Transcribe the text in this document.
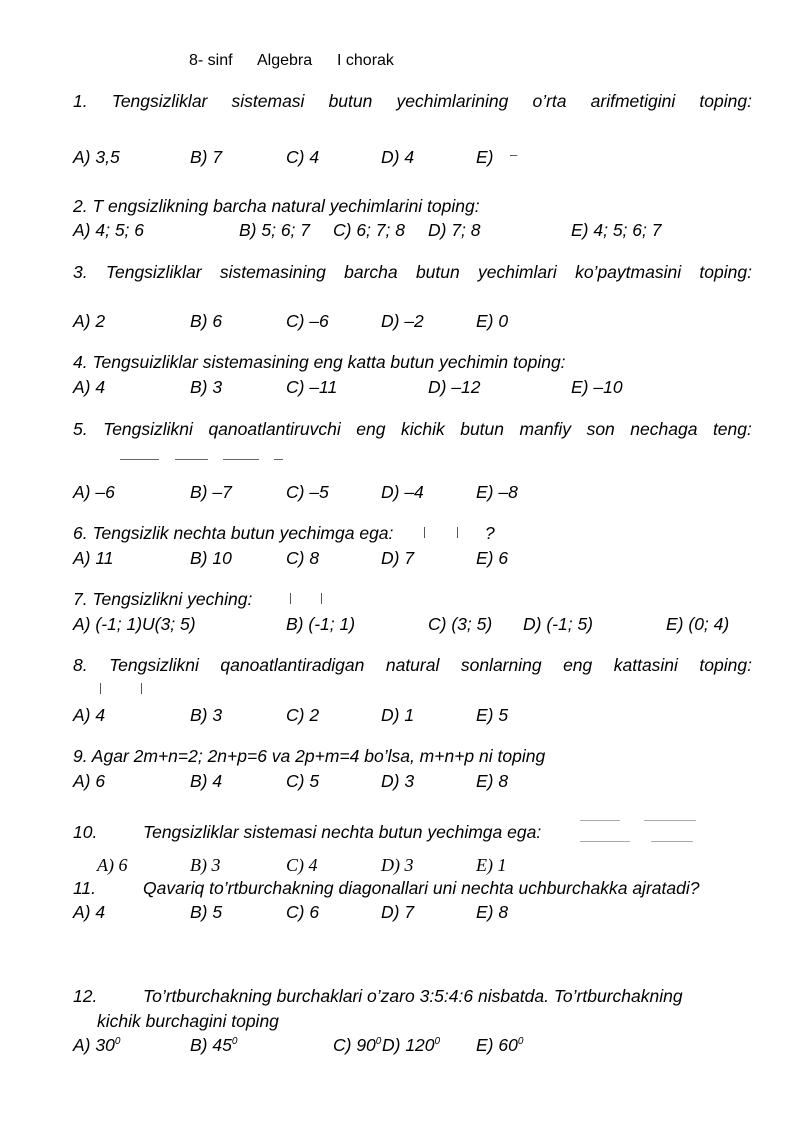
8- sinf Algebra I chorak
1. Tengsizliklar sistemasi butun yechimlarining o’rta arifmetigini toping:
A) 3,5	B) 7	C) 4	D) 4	E) –
2. T engsizlikning barcha natural yechimlarini toping:
A) 4; 5; 6	B) 5; 6; 7 C) 6; 7; 8 D) 7; 8	E) 4; 5; 6; 7
3. Tengsizliklar sistemasining barcha butun yechimlari ko’paytmasini toping:
A) 2	B) 6	C) –6	D) –2	E) 0
4. Tengsuizliklar sistemasining eng katta butun yechimin toping:
A) 4	B) 3	C) –11	D) –12	E) –10
5. Tengsizlikni qanoatlantiruvchi eng kichik butun manfiy son nechaga teng:
A) –6	B) –7	C) –5	D) –4	E) –8
6. Tengsizlik nechta butun yechimga ega:	?
A) 11	B) 10	C) 8	D) 7	E) 6
7. Tengsizlikni yeching:
A) (-1; 1)U(3; 5)	B) (-1; 1)	C) (3; 5) D) (-1; 5)	E) (0; 4)
8. Tengsizlikni qanoatlantiradigan natural sonlarning eng kattasini toping:
A) 4	B) 3	C) 2	D) 1	E) 5
9. Agar 2m+n=2; 2n+p=6 va 2p+m=4 bo’lsa, m+n+p ni toping
A) 6	B) 4	C) 5	D) 3	E) 8
10.	Tengsizliklar sistemasi nechta butun yechimga ega:
A) 6	B) 3	C) 4	D) 3	E) 1
11.	Qavariq to’rtburchakning diagonallari uni nechta uchburchakka ajratadi?
A) 4	B) 5	C) 6	D) 7	E) 8
12.	To’rtburchakning burchaklari o’zaro 3:5:4:6 nisbatda. To’rtburchakning
kichik burchagini toping
A) $30^0$	B) $45^0$	C) $90^0$ D) $120^0$ E) $60^0$
